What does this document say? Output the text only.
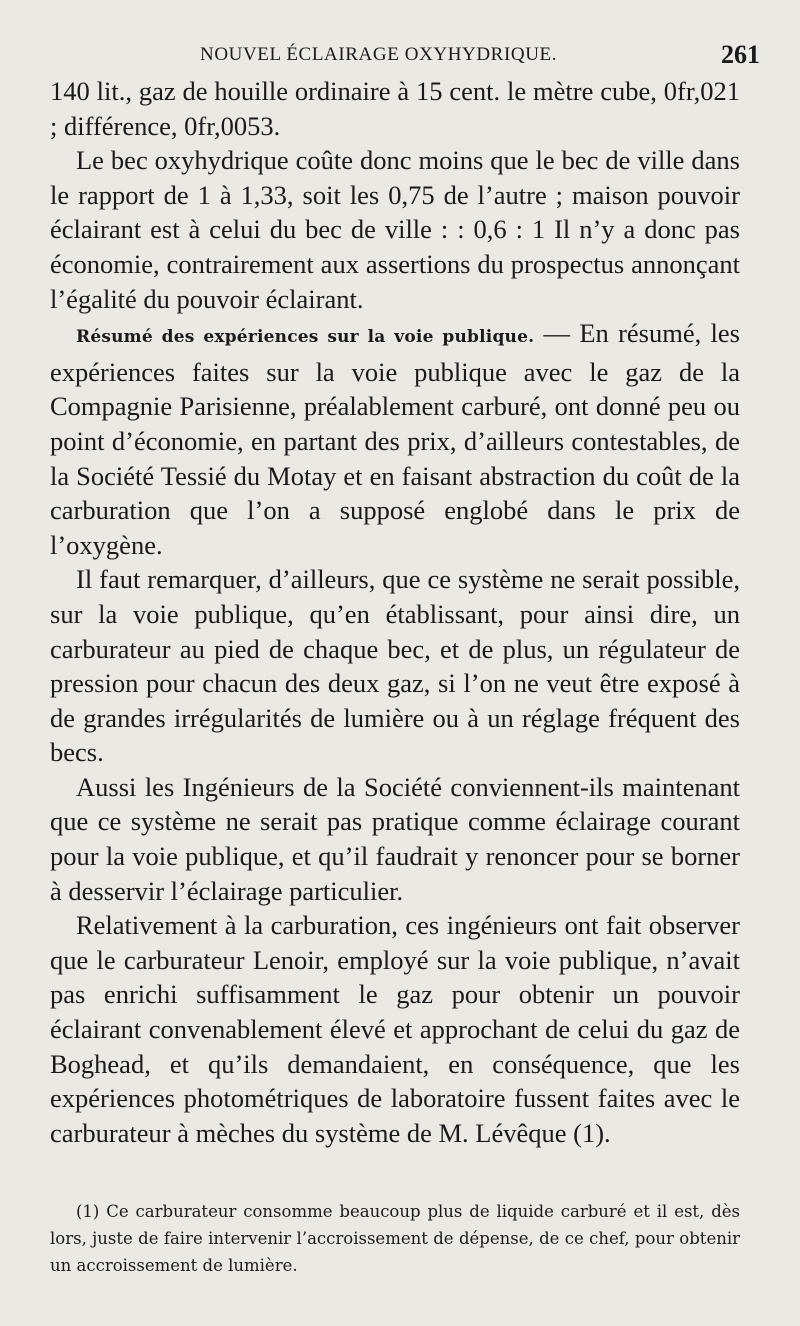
NOUVEL ÉCLAIRAGE OXYHYDRIQUE.	261

140 lit., gaz de houille ordinaire à 15 cent. le mètre cube, 0fr,021 ; différence, 0fr,0053.

Le bec oxyhydrique coûte donc moins que le bec de ville dans le rapport de 1 à 1,33, soit les 0,75 de l’autre ; maison pouvoir éclairant est à celui du bec de ville : : 0,6 : 1 Il n’y a donc pas économie, contrairement aux assertions du prospectus annonçant l’égalité du pouvoir éclairant.

Résumé des expériences sur la voie publique. — En résumé, les expériences faites sur la voie publique avec le gaz de la Compagnie Parisienne, préalablement carburé, ont donné peu ou point d’économie, en partant des prix, d’ailleurs contestables, de la Société Tessié du Motay et en faisant abstraction du coût de la carburation que l’on a supposé englobé dans le prix de l’oxygène.

Il faut remarquer, d’ailleurs, que ce système ne serait possible, sur la voie publique, qu’en établissant, pour ainsi dire, un carburateur au pied de chaque bec, et de plus, un régulateur de pression pour chacun des deux gaz, si l’on ne veut être exposé à de grandes irrégularités de lumière ou à un réglage fréquent des becs.

Aussi les Ingénieurs de la Société conviennent-ils maintenant que ce système ne serait pas pratique comme éclairage courant pour la voie publique, et qu’il faudrait y renoncer pour se borner à desservir l’éclairage particulier.

Relativement à la carburation, ces ingénieurs ont fait observer que le carburateur Lenoir, employé sur la voie publique, n’avait pas enrichi suffisamment le gaz pour obtenir un pouvoir éclairant convenablement élevé et approchant de celui du gaz de Boghead, et qu’ils demandaient, en conséquence, que les expériences photométriques de laboratoire fussent faites avec le carburateur à mèches du système de M. Lévêque (1).

(1) Ce carburateur consomme beaucoup plus de liquide carburé et il est, dès lors, juste de faire intervenir l’accroissement de dépense, de ce chef, pour obtenir un accroissement de lumière.
